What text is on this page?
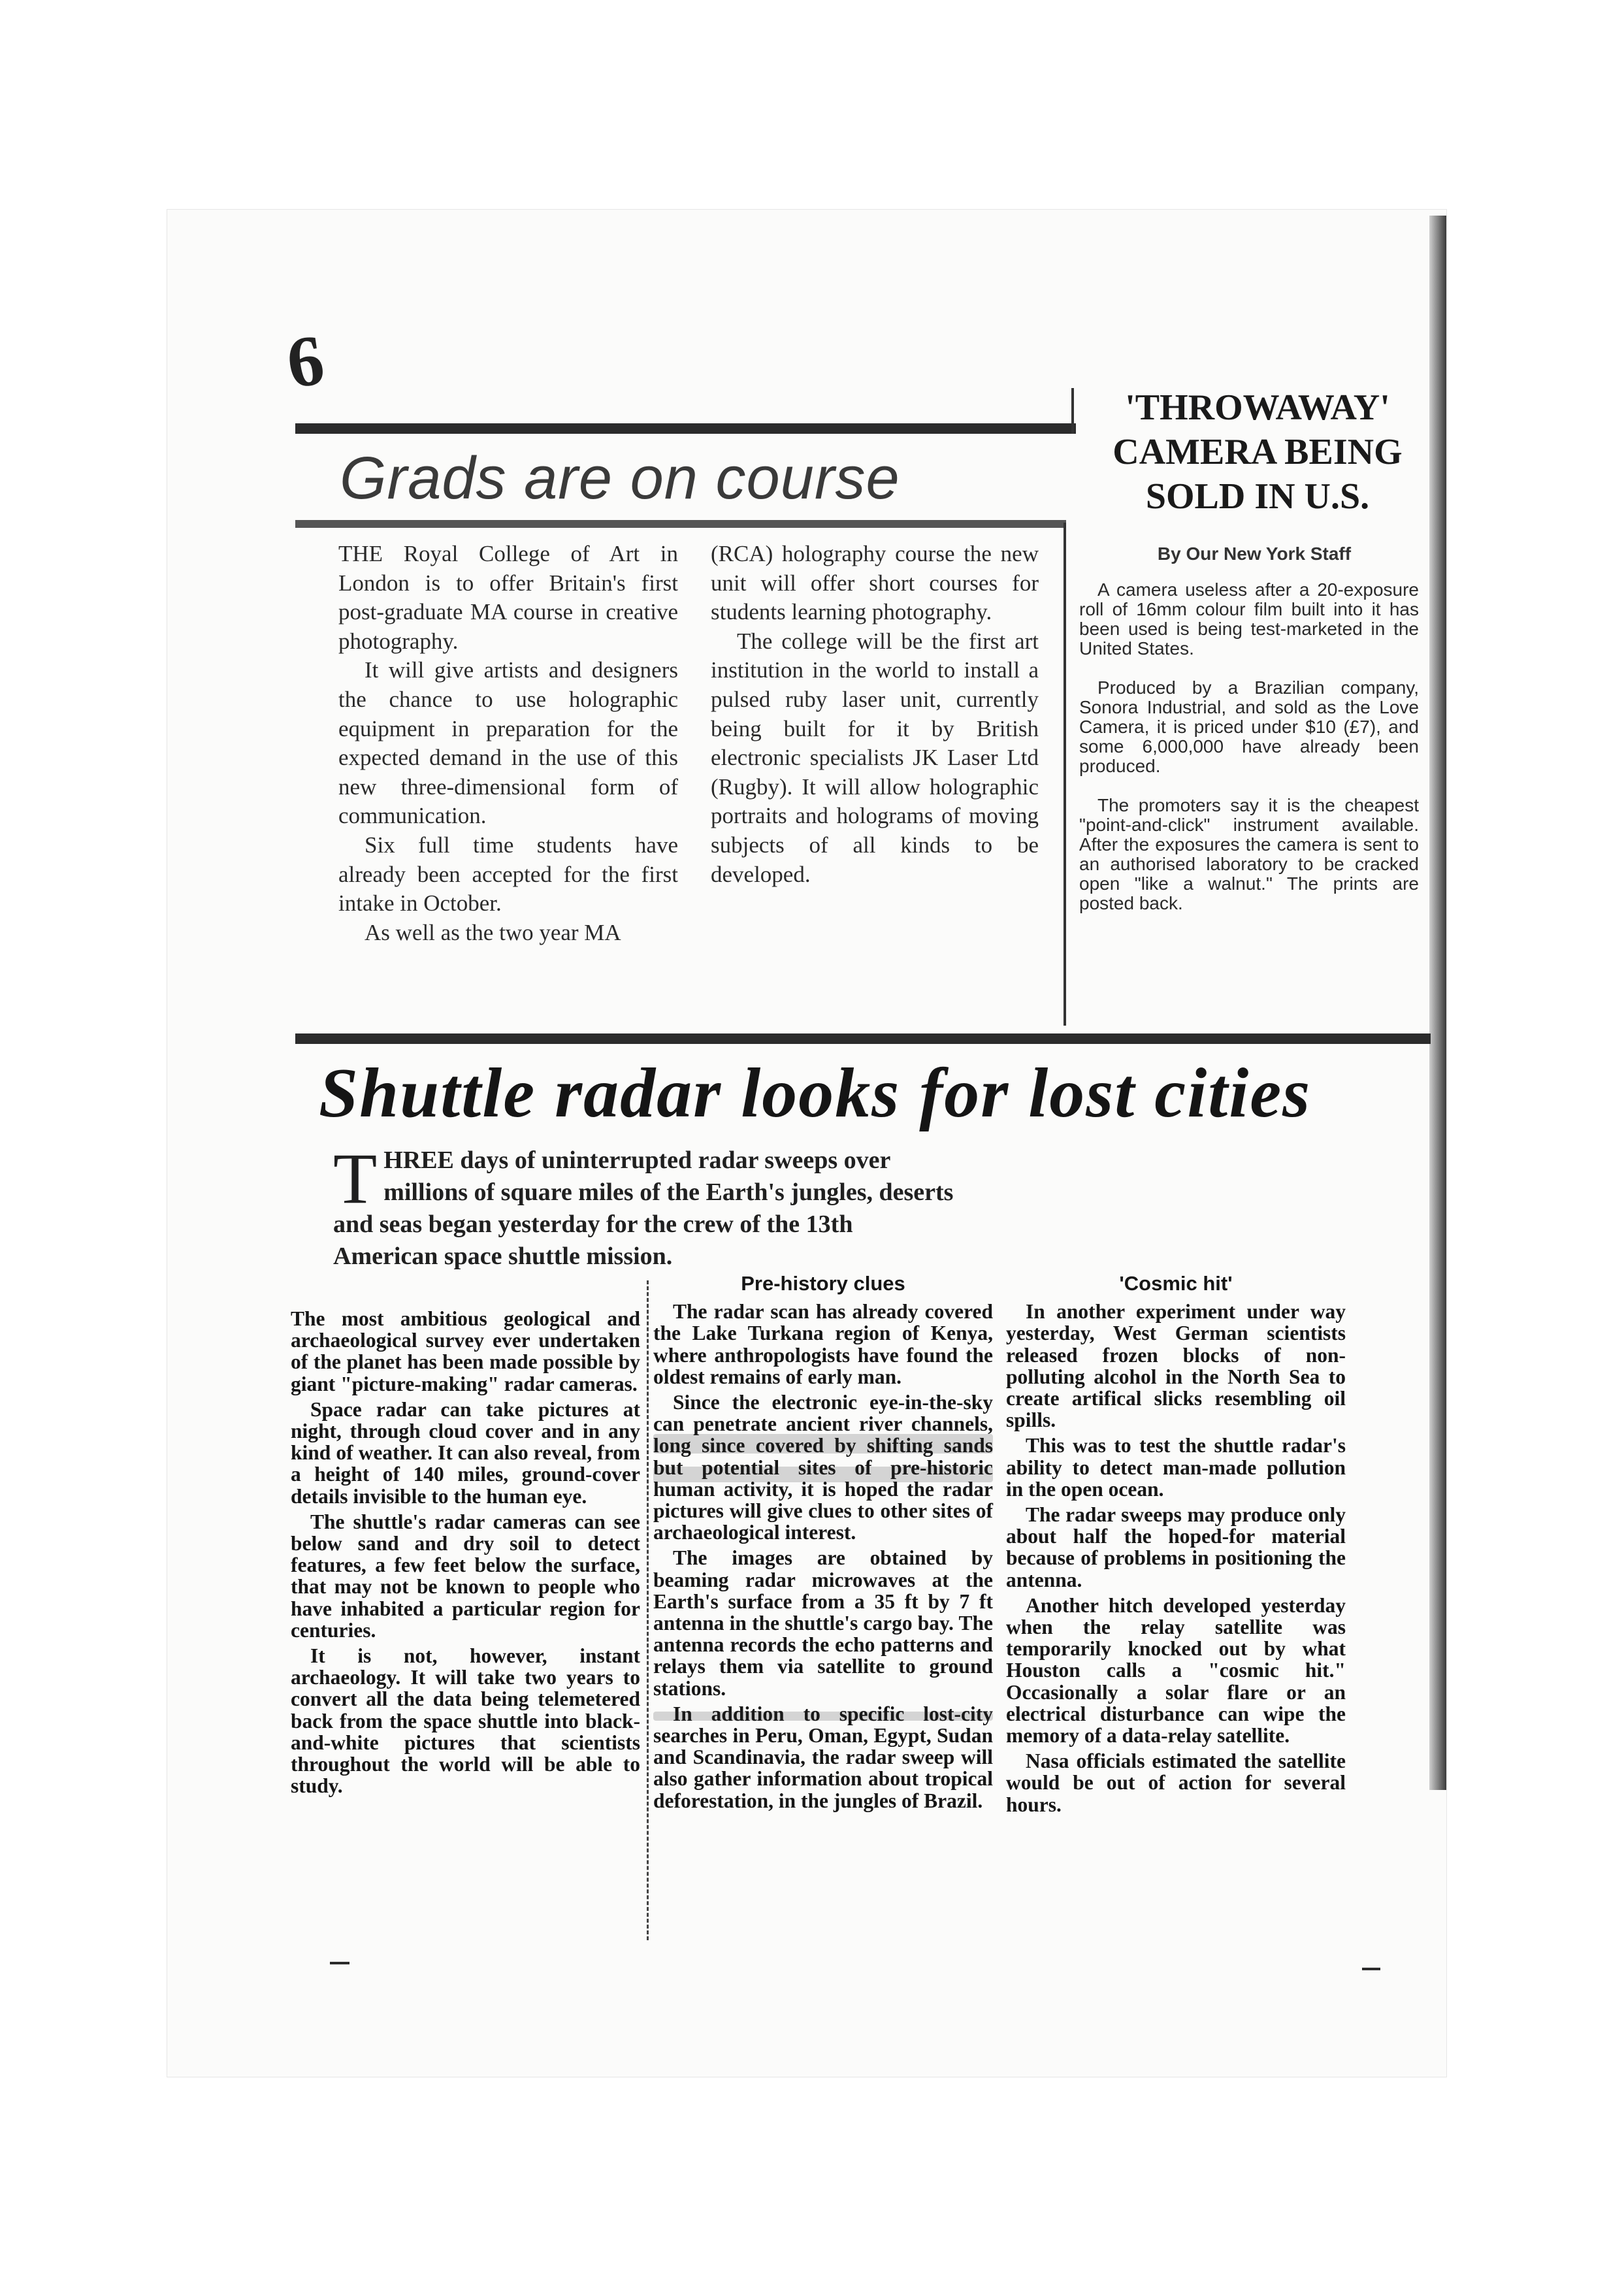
6
Grads are on course

THE Royal College of Art in London is to offer Britain's first post-graduate MA course in creative photography.

It will give artists and designers the chance to use holographic equipment in preparation for the expected demand in the use of this new three-dimensional form of communication.

Six full time students have already been accepted for the first intake in October.

As well as the two year MA

(RCA) holography course the new unit will offer short courses for students learning photography.

The college will be the first art institution in the world to install a pulsed ruby laser unit, currently being built for it by British electronic specialists JK Laser Ltd (Rugby). It will allow holographic portraits and holograms of moving subjects of all kinds to be developed.

'THROWAWAY' CAMERA BEING SOLD IN U.S.
By Our New York Staff

A camera useless after a 20-exposure roll of 16mm colour film built into it has been used is being test-marketed in the United States.

Produced by a Brazilian company, Sonora Industrial, and sold as the Love Camera, it is priced under $10 (£7), and some 6,000,000 have already been produced.

The promoters say it is the cheapest "point-and-click" instrument available. After the exposures the camera is sent to an authorised laboratory to be cracked open "like a walnut." The prints are posted back.

Shuttle radar looks for lost cities
T HREE days of uninterrupted radar sweeps over millions of square miles of the Earth's jungles, deserts and seas began yesterday for the crew of the 13th American space shuttle mission.

The most ambitious geological and archaeological survey ever undertaken of the planet has been made possible by giant "picture-making" radar cameras.

Space radar can take pictures at night, through cloud cover and in any kind of weather. It can also reveal, from a height of 140 miles, ground-cover details invisible to the human eye.

The shuttle's radar cameras can see below sand and dry soil to detect features, a few feet below the surface, that may not be known to people who have inhabited a particular region for centuries.

It is not, however, instant archaeology. It will take two years to convert all the data being telemetered back from the space shuttle into black-and-white pictures that scientists throughout the world will be able to study.

Pre-history clues

The radar scan has already covered the Lake Turkana region of Kenya, where anthropologists have found the oldest remains of early man.

Since the electronic eye-in-the-sky can penetrate ancient river channels, long since covered by shifting sands but potential sites of pre-historic human activity, it is hoped the radar pictures will give clues to other sites of archaeological interest.

The images are obtained by beaming radar microwaves at the Earth's surface from a 35 ft by 7 ft antenna in the shuttle's cargo bay. The antenna records the echo patterns and relays them via satellite to ground stations.

In addition to specific lost-city searches in Peru, Oman, Egypt, Sudan and Scandinavia, the radar sweep will also gather information about tropical deforestation, in the jungles of Brazil.

'Cosmic hit'

In another experiment under way yesterday, West German scientists released frozen blocks of non-polluting alcohol in the North Sea to create artifical slicks resembling oil spills.

This was to test the shuttle radar's ability to detect man-made pollution in the open ocean.

The radar sweeps may produce only about half the hoped-for material because of problems in positioning the antenna.

Another hitch developed yesterday when the relay satellite was temporarily knocked out by what Houston calls a "cosmic hit." Occasionally a solar flare or an electrical disturbance can wipe the memory of a data-relay satellite.

Nasa officials estimated the satellite would be out of action for several hours.
